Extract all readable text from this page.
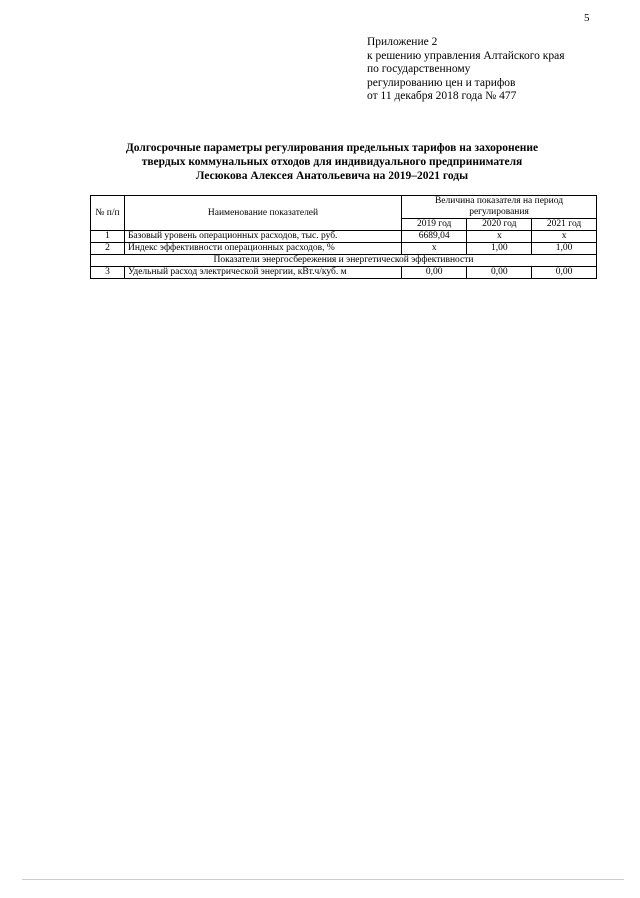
5
Приложение 2
к решению управления Алтайского края
по государственному
регулированию цен и тарифов
от 11 декабря 2018 года № 477
Долгосрочные параметры регулирования предельных тарифов на захоронение
твердых коммунальных отходов для индивидуального предпринимателя
Лесюкова Алексея Анатольевича на 2019–2021 годы
№ п/п	Наименование показателей	Величина показателя на период регулирования		
		2019 год	2020 год	2021 год
1	Базовый уровень операционных расходов, тыс. руб.	6689,04	х	х
2	Индекс эффективности операционных расходов, %	х	1,00	1,00
Показатели энергосбережения и энергетической эффективности				
3	Удельный расход электрической энергии, кВт.ч/куб. м	0,00	0,00	0,00
